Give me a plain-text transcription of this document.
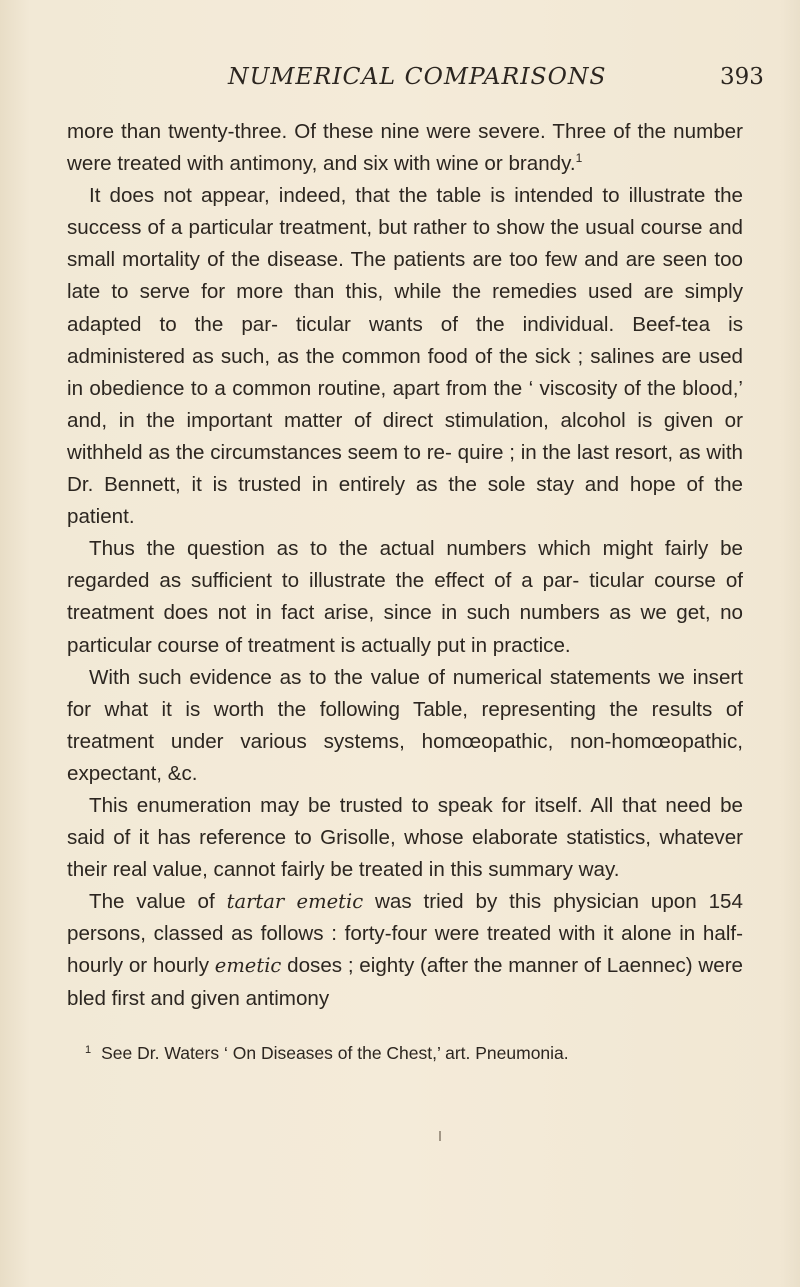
NUMERICAL COMPARISONS	393

more than twenty-three. Of these nine were severe. Three of the number were treated with antimony, and six with wine or brandy.$^1$

It does not appear, indeed, that the table is intended to illustrate the success of a particular treatment, but rather to show the usual course and small mortality of the disease. The patients are too few and are seen too late to serve for more than this, while the remedies used are simply adapted to the par- ticular wants of the individual. Beef-tea is administered as such, as the common food of the sick ; salines are used in obedience to a common routine, apart from the ‘ viscosity of the blood,’ and, in the important matter of direct stimulation, alcohol is given or withheld as the circumstances seem to re- quire ; in the last resort, as with Dr. Bennett, it is trusted in entirely as the sole stay and hope of the patient.

Thus the question as to the actual numbers which might fairly be regarded as sufficient to illustrate the effect of a par- ticular course of treatment does not in fact arise, since in such numbers as we get, no particular course of treatment is actually put in practice.

With such evidence as to the value of numerical statements we insert for what it is worth the following Table, representing the results of treatment under various systems, homœopathic, non-homœopathic, expectant, &c.

This enumeration may be trusted to speak for itself. All that need be said of it has reference to Grisolle, whose elaborate statistics, whatever their real value, cannot fairly be treated in this summary way.

The value of tartar emetic was tried by this physician upon 154 persons, classed as follows : forty-four were treated with it alone in half-hourly or hourly emetic doses ; eighty (after the manner of Laennec) were bled first and given antimony

$^1$ See Dr. Waters ‘ On Diseases of the Chest,’ art. Pneumonia.
